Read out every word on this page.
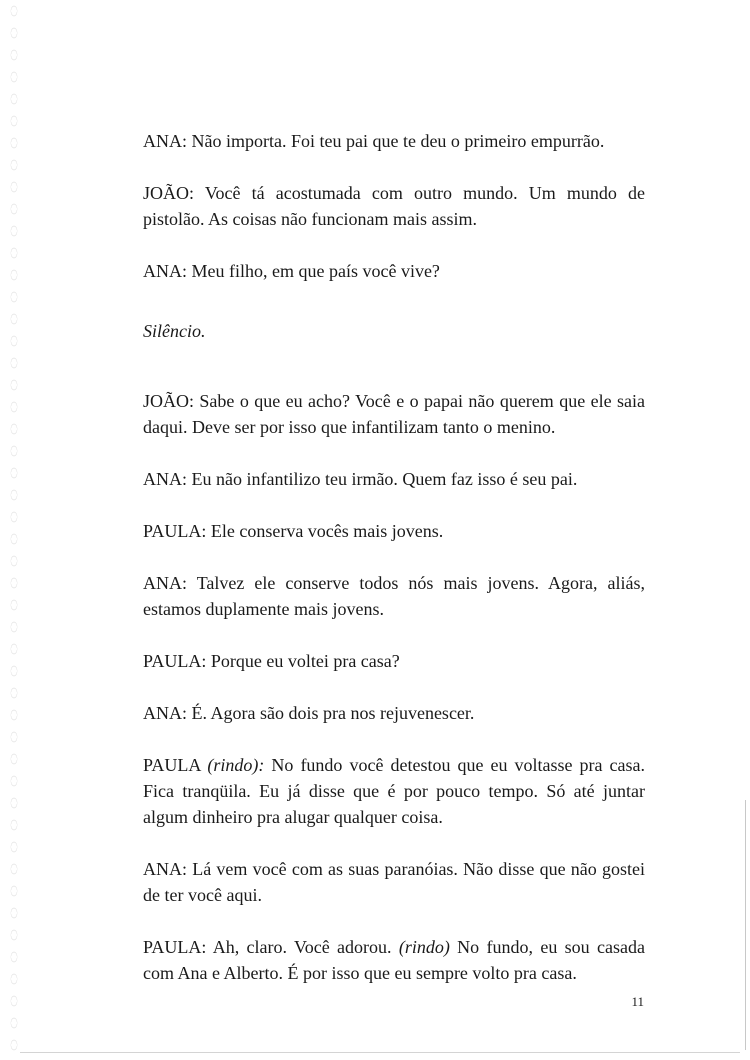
ANA: Não importa. Foi teu pai que te deu o primeiro empurrão.

JOÃO: Você tá acostumada com outro mundo. Um mundo de pistolão. As coisas não funcionam mais assim.

ANA: Meu filho, em que país você vive?

Silêncio.

JOÃO: Sabe o que eu acho? Você e o papai não querem que ele saia daqui. Deve ser por isso que infantilizam tanto o menino.

ANA: Eu não infantilizo teu irmão. Quem faz isso é seu pai.

PAULA: Ele conserva vocês mais jovens.

ANA: Talvez ele conserve todos nós mais jovens. Agora, aliás, estamos duplamente mais jovens.

PAULA: Porque eu voltei pra casa?

ANA: É. Agora são dois pra nos rejuvenescer.

PAULA (rindo): No fundo você detestou que eu voltasse pra casa. Fica tranqüila. Eu já disse que é por pouco tempo. Só até juntar algum dinheiro pra alugar qualquer coisa.

ANA: Lá vem você com as suas paranóias. Não disse que não gostei de ter você aqui.

PAULA: Ah, claro. Você adorou. (rindo) No fundo, eu sou casada com Ana e Alberto. É por isso que eu sempre volto pra casa.

11
